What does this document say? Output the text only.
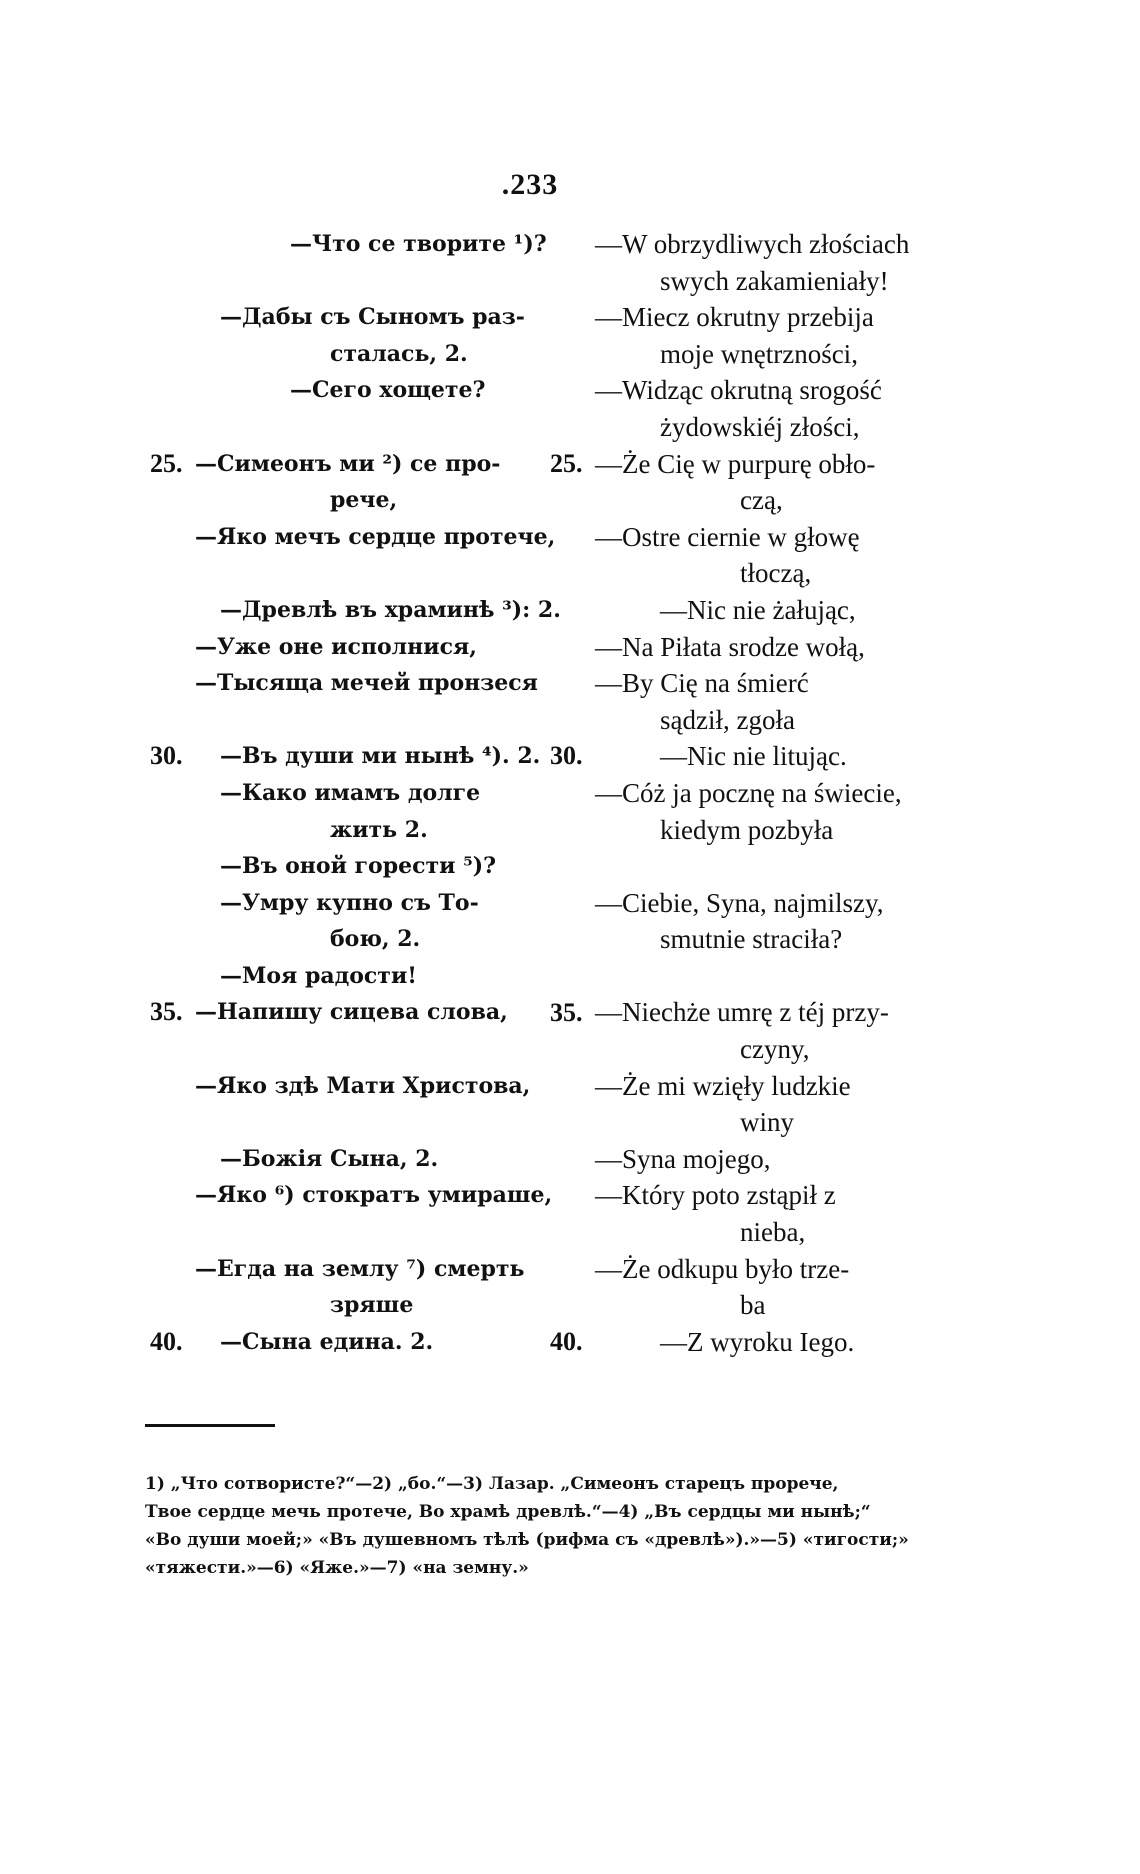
.233
—Что се творите ¹)?
—Дабы съ Сыномъ раз-
сталась, 2.
—Сего хощете?
25. —Симеонъ ми ²) се про-
рече,
—Яко мечъ сердце протече,
—Древлѣ въ храминѣ ³): 2.
—Уже оне исполнися,
—Тысяща мечей пронзеся
30.	—Въ души ми нынѣ ⁴). 2.
—Како имамъ долге
жить 2.
—Въ оной горести ⁵)?
—Умру купно съ То-
бою, 2.
—Моя радости!
35. —Напишу сицева слова,
—Яко здѣ Мати Христова,
—Божія Сына, 2.
—Яко ⁶) стократъ умираше,
—Егда на землу ⁷) смерть
зряше
40.	—Сына едина. 2.
—W obrzydliwych złościach
swych zakamieniały!
—Miecz okrutny przebija
moje wnętrzności,
—Widząc okrutną srogość
żydowskiéj złości,
—Że Cię w purpurę obło-
czą,
—Ostre ciernie w głowę
tłoczą,
—Nic nie żałując,
—Na Piłata srodze wołą,
—By Cię na śmierć
sądził, zgoła
—Nic nie litując.
—Cóż ja pocznę na świecie,
kiedym pozbyła
—Ciebie, Syna, najmilszy,
smutnie straciła?
—Niechże umrę z téj przy-
czyny,
—Że mi wzięły ludzkie
winy
—Syna mojego,
—Który poto zstąpił z
nieba,
—Że odkupu było trze-
ba
—Z wyroku Iego.
25.
30.
35.
40.

1) „Что сотвористе?“—2) „бо.“—3) Лазар. „Симеонъ старецъ прорече,

Твое сердце мечь протече, Во храмѣ древлѣ.“—4) „Въ сердцы ми нынѣ;“

«Во души моей;» «Въ душевномъ тѣлѣ (рифма съ «древлѣ»).»—5) «тигости;»

«тяжести.»—6) «Яже.»—7) «на земну.»
